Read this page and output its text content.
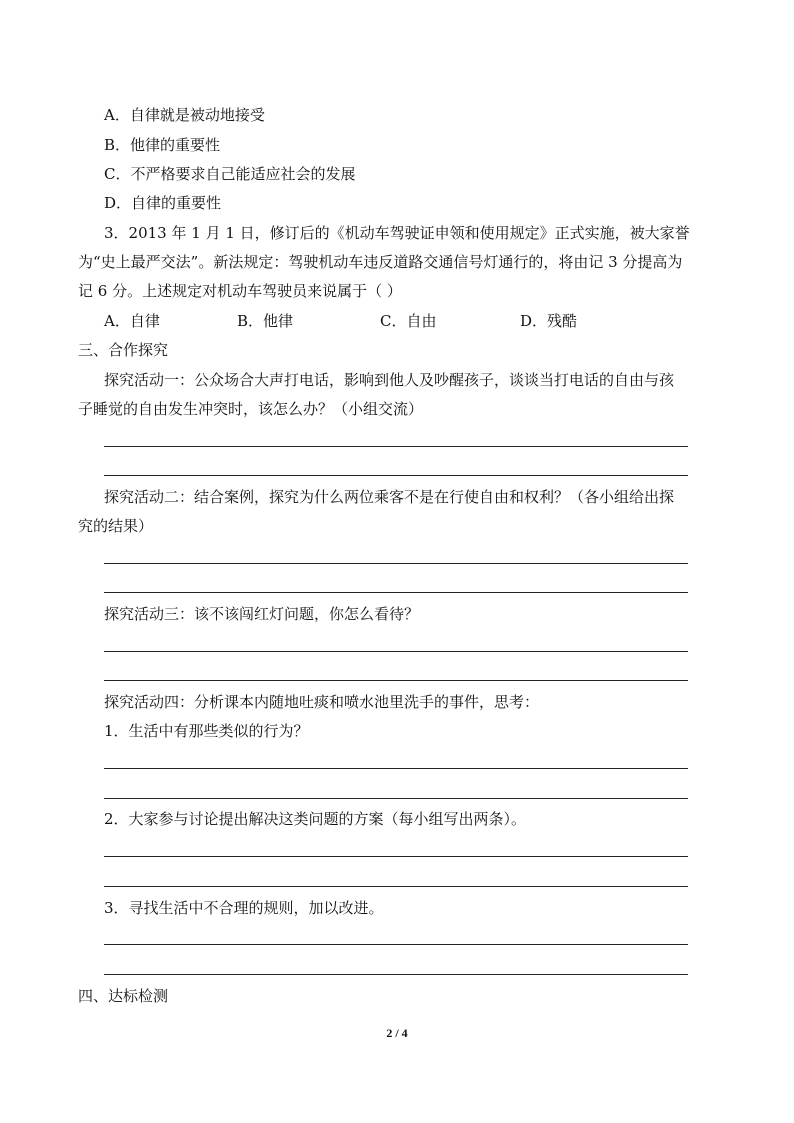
A．自律就是被动地接受
B．他律的重要性
C．不严格要求自己能适应社会的发展
D．自律的重要性
3．2013 年 1 月 1 日，修订后的《机动车驾驶证申领和使用规定》正式实施，被大家誉
为“史上最严交法”。新法规定：驾驶机动车违反道路交通信号灯通行的，将由记 3 分提高为
记 6 分。上述规定对机动车驾驶员来说属于（ ）
A．自律	B．他律	C．自由	D．残酷
三、合作探究
探究活动一：公众场合大声打电话，影响到他人及吵醒孩子，谈谈当打电话的自由与孩
子睡觉的自由发生冲突时，该怎么办？（小组交流）
探究活动二：结合案例，探究为什么两位乘客不是在行使自由和权利？（各小组给出探
究的结果）
探究活动三：该不该闯红灯问题，你怎么看待？
探究活动四：分析课本内随地吐痰和喷水池里洗手的事件，思考：
1．生活中有那些类似的行为？
2．大家参与讨论提出解决这类问题的方案（每小组写出两条）。
3．寻找生活中不合理的规则，加以改进。
四、达标检测
2 / 4
